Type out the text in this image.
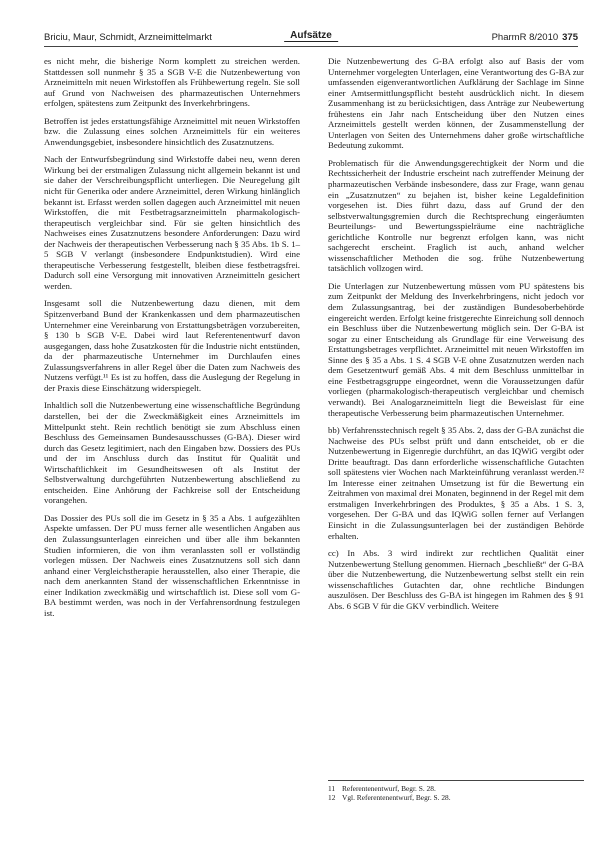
Briciu, Maur, Schmidt, Arzneimittelmarkt	Aufsätze	PharmR 8/2010 375

es nicht mehr, die bisherige Norm komplett zu streichen werden. Stattdessen soll nunmehr § 35 a SGB V-E die Nutzenbewertung von Arzneimitteln mit neuen Wirkstoffen als Frühbewertung regeln. Sie soll auf Grund von Nachweisen des pharmazeutischen Unternehmers erfolgen, spätestens zum Zeitpunkt des Inverkehrbringens.

Betroffen ist jedes erstattungsfähige Arzneimittel mit neuen Wirkstoffen bzw. die Zulassung eines solchen Arzneimittels für ein weiteres Anwendungsgebiet, insbesondere hinsichtlich des Zusatznutzens.

Nach der Entwurfsbegründung sind Wirkstoffe dabei neu, wenn deren Wirkung bei der erstmaligen Zulassung nicht allgemein bekannt ist und sie daher der Verschreibungspflicht unterliegen. Die Neuregelung gilt nicht für Generika oder andere Arzneimittel, deren Wirkung hinlänglich bekannt ist. Erfasst werden sollen dagegen auch Arzneimittel mit neuen Wirkstoffen, die mit Festbetragsarzneimitteln pharmakologisch-therapeutisch vergleichbar sind. Für sie gelten hinsichtlich des Nachweises eines Zusatznutzens besondere Anforderungen: Dazu wird der Nachweis der therapeutischen Verbesserung nach § 35 Abs. 1b S. 1–5 SGB V verlangt (insbesondere Endpunktstudien). Wird eine therapeutische Verbesserung festgestellt, bleiben diese festbetragsfrei. Dadurch soll eine Versorgung mit innovativen Arzneimitteln gesichert werden.

Insgesamt soll die Nutzenbewertung dazu dienen, mit dem Spitzenverband Bund der Krankenkassen und dem pharmazeutischen Unternehmer eine Vereinbarung von Erstattungsbeträgen vorzubereiten, § 130 b SGB V-E. Dabei wird laut Referentenentwurf davon ausgegangen, dass hohe Zusatzkosten für die Industrie nicht entstünden, da der pharmazeutische Unternehmer im Durchlaufen eines Zulassungsverfahrens in aller Regel über die Daten zum Nachweis des Nutzens verfügt.¹¹ Es ist zu hoffen, dass die Auslegung der Regelung in der Praxis diese Einschätzung widerspiegelt.

Inhaltlich soll die Nutzenbewertung eine wissenschaftliche Begründung darstellen, bei der die Zweckmäßigkeit eines Arzneimittels im Mittelpunkt steht. Rein rechtlich benötigt sie zum Abschluss einen Beschluss des Gemeinsamen Bundesausschusses (G-BA). Dieser wird durch das Gesetz legitimiert, nach den Eingaben bzw. Dossiers des PUs und der im Anschluss durch das Institut für Qualität und Wirtschaftlichkeit im Gesundheitswesen oft als Institut der Selbstverwaltung durchgeführten Nutzenbewertung abschließend zu entscheiden. Eine Anhörung der Fachkreise soll der Entscheidung vorangehen.

Das Dossier des PUs soll die im Gesetz in § 35 a Abs. 1 aufgezählten Aspekte umfassen. Der PU muss ferner alle wesentlichen Angaben aus den Zulassungsunterlagen einreichen und über alle ihm bekannten Studien informieren, die von ihm veranlassten soll er vollständig vorlegen müssen. Der Nachweis eines Zusatznutzens soll sich dann anhand einer Vergleichstherapie herausstellen, also einer Therapie, die nach dem anerkannten Stand der wissenschaftlichen Erkenntnisse in einer Indikation zweckmäßig und wirtschaftlich ist. Diese soll vom G-BA bestimmt werden, was noch in der Verfahrensordnung festzulegen ist.

Die Nutzenbewertung des G-BA erfolgt also auf Basis der vom Unternehmer vorgelegten Unterlagen, eine Verantwortung des G-BA zur umfassenden eigenverantwortlichen Aufklärung der Sachlage im Sinne einer Amtsermittlungspflicht besteht ausdrücklich nicht. In diesem Zusammenhang ist zu berücksichtigen, dass Anträge zur Neubewertung frühestens ein Jahr nach Entscheidung über den Nutzen eines Arzneimittels gestellt werden können, der Zusammenstellung der Unterlagen von Seiten des Unternehmens daher große wirtschaftliche Bedeutung zukommt.

Problematisch für die Anwendungsgerechtigkeit der Norm und die Rechtssicherheit der Industrie erscheint nach zutreffender Meinung der pharmazeutischen Verbände insbesondere, dass zur Frage, wann genau ein „Zusatznutzen“ zu bejahen ist, bisher keine Legaldefinition vorgesehen ist. Dies führt dazu, dass auf Grund der den selbstverwaltungsgremien durch die Rechtsprechung eingeräumten Beurteilungs- und Bewertungsspielräume eine nachträgliche gerichtliche Kontrolle nur begrenzt erfolgen kann, was nicht sachgerecht erscheint. Fraglich ist auch, anhand welcher wissenschaftlicher Methoden die sog. frühe Nutzenbewertung tatsächlich vollzogen wird.

Die Unterlagen zur Nutzenbewertung müssen vom PU spätestens bis zum Zeitpunkt der Meldung des Inverkehrbringens, nicht jedoch vor dem Zulassungsantrag, bei der zuständigen Bundesoberbehörde eingereicht werden. Erfolgt keine fristgerechte Einreichung soll dennoch ein Beschluss über die Nutzenbewertung möglich sein. Der G-BA ist sogar zu einer Entscheidung als Grundlage für eine Verweisung des Erstattungsbetrages verpflichtet. Arzneimittel mit neuen Wirkstoffen im Sinne des § 35 a Abs. 1 S. 4 SGB V-E ohne Zusatznutzen werden nach dem Gesetzentwurf gemäß Abs. 4 mit dem Beschluss unmittelbar in eine Festbetragsgruppe eingeordnet, wenn die Voraussetzungen dafür vorliegen (pharmakologisch-therapeutisch vergleichbar und chemisch verwandt). Bei Analogarzneimitteln liegt die Beweislast für eine therapeutische Verbesserung beim pharmazeutischen Unternehmer.

bb) Verfahrensstechnisch regelt § 35 Abs. 2, dass der G-BA zunächst die Nachweise des PUs selbst prüft und dann entscheidet, ob er die Nutzenbewertung in Eigenregie durchführt, an das IQWiG vergibt oder Dritte beauftragt. Das dann erforderliche wissenschaftliche Gutachten soll spätestens vier Wochen nach Markteinführung veranlasst werden.¹² Im Interesse einer zeitnahen Umsetzung ist für die Bewertung ein Zeitrahmen von maximal drei Monaten, beginnend in der Regel mit dem erstmaligen Inverkehrbringen des Produktes, § 35 a Abs. 1 S. 3, vorgesehen. Der G-BA und das IQWiG sollen ferner auf Verlangen Einsicht in die Zulassungsunterlagen bei der zuständigen Behörde erhalten.

cc) In Abs. 3 wird indirekt zur rechtlichen Qualität einer Nutzenbewertung Stellung genommen. Hiernach „beschließt“ der G-BA über die Nutzenbewertung, die Nutzenbewertung selbst stellt ein rein wissenschaftliches Gutachten dar, ohne rechtliche Bindungen auszulösen. Der Beschluss des G-BA ist hingegen im Rahmen des § 91 Abs. 6 SGB V für die GKV verbindlich. Weitere

11 Referentenentwurf, Begr. S. 28.
12 Vgl. Referentenentwurf, Begr. S. 28.
